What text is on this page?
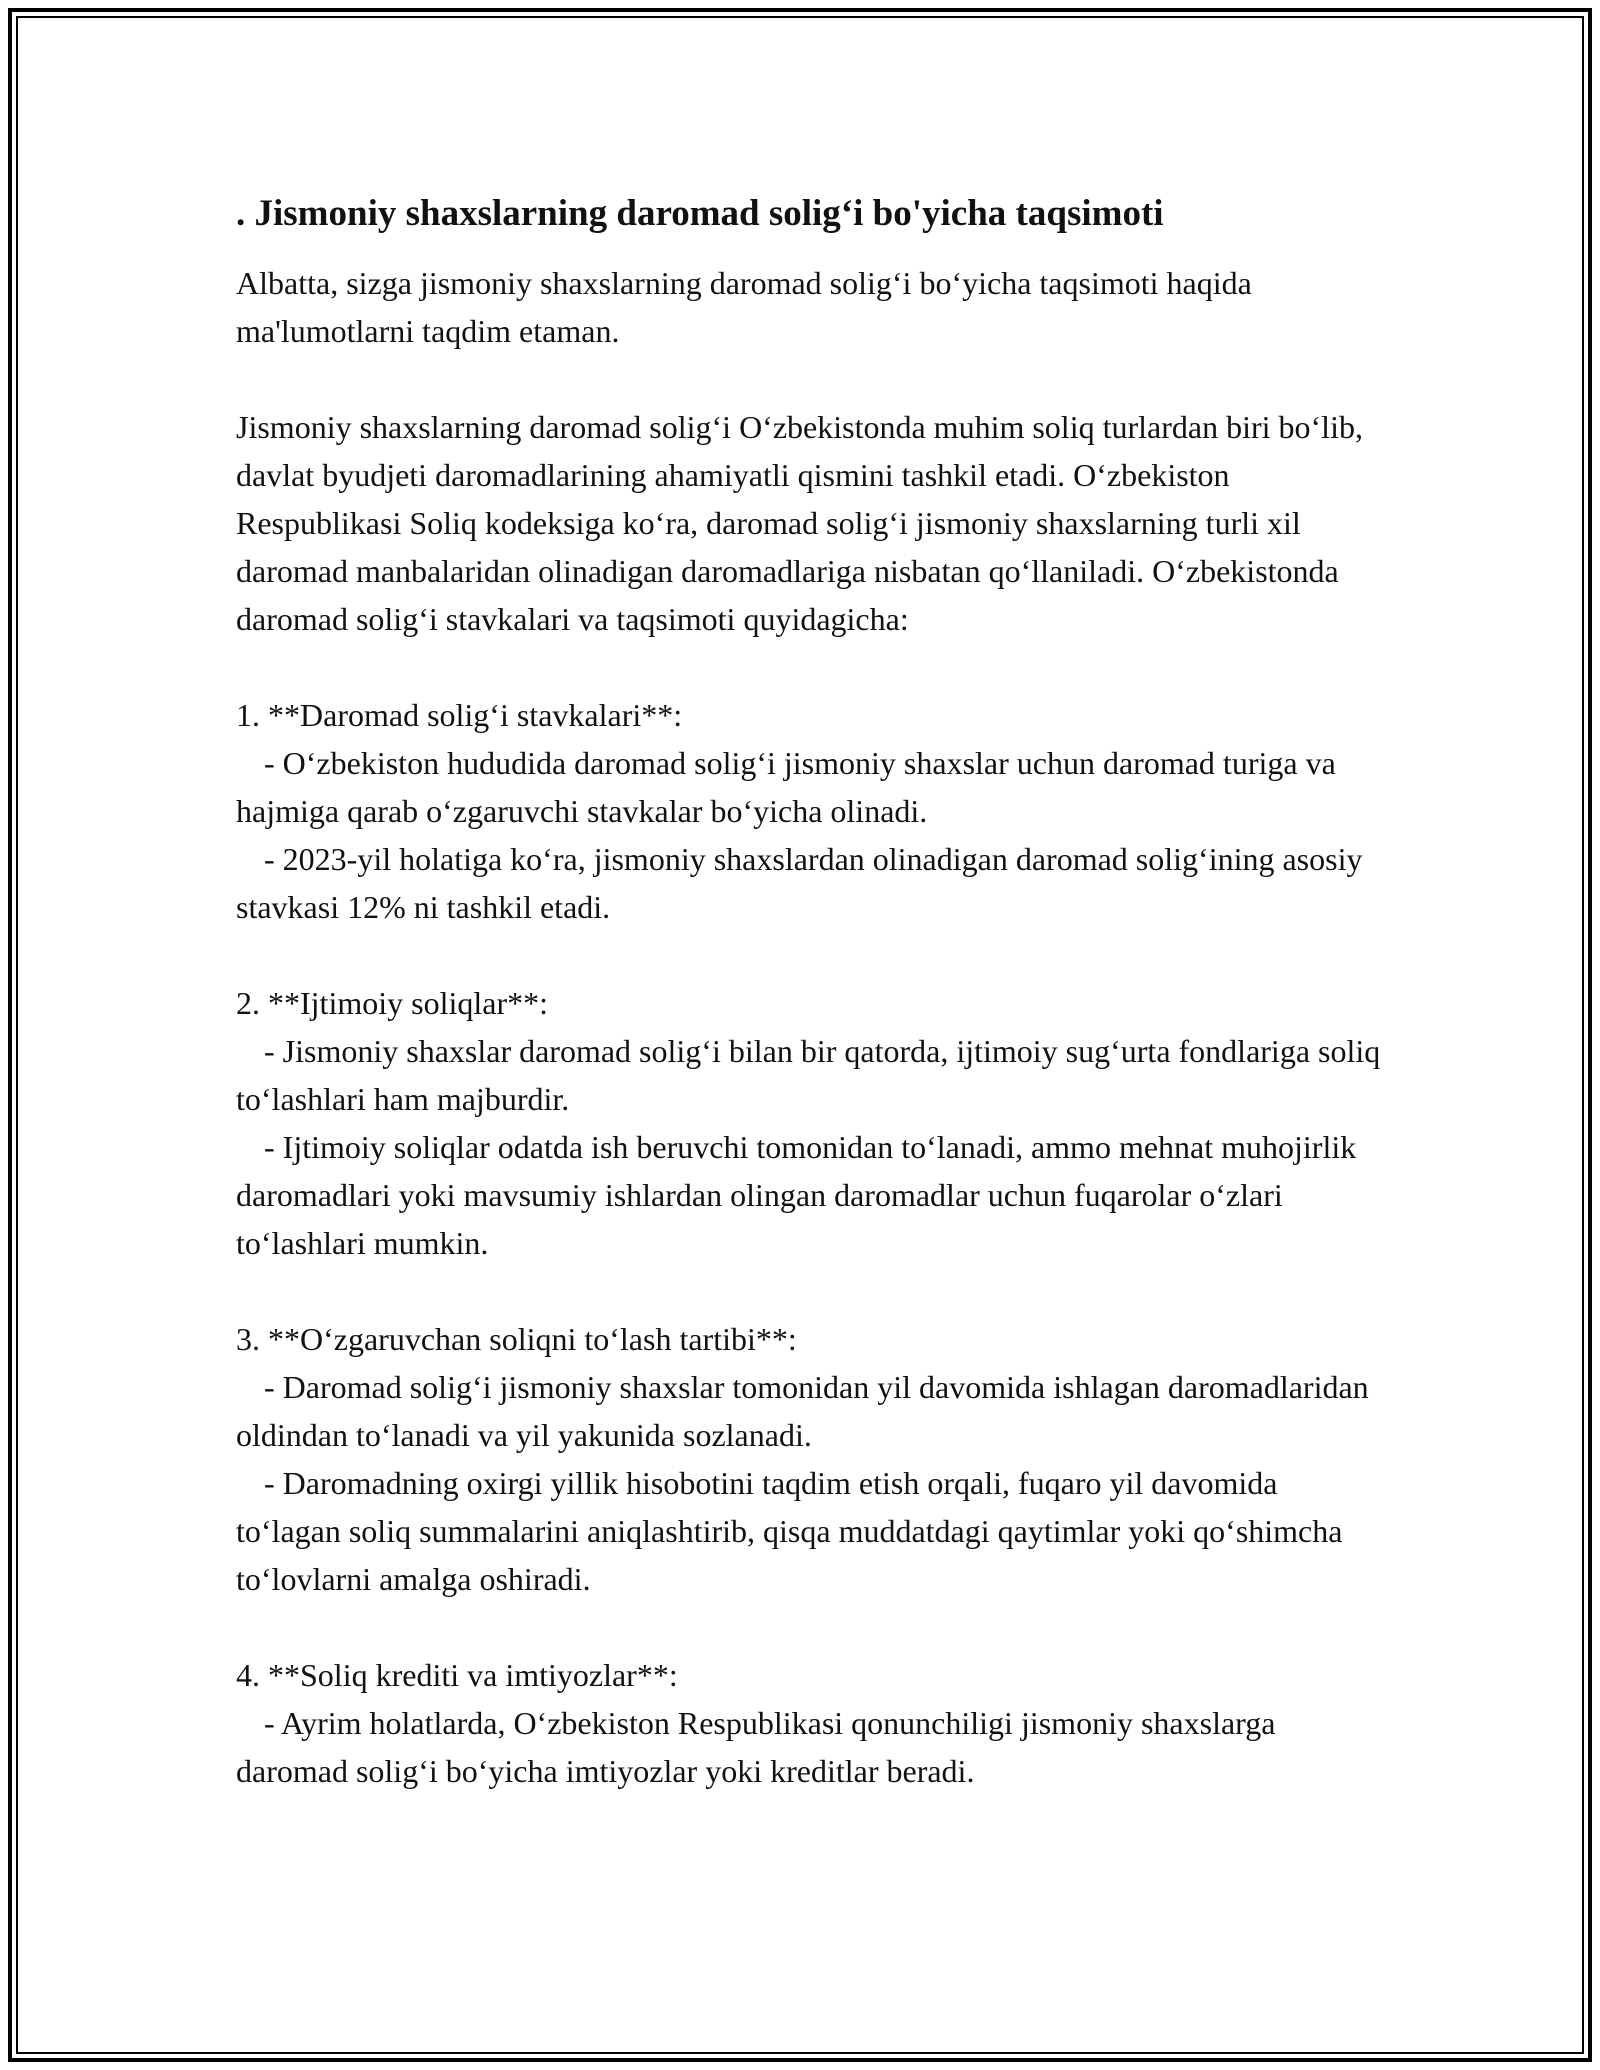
. Jismoniy shaxslarning daromad solig‘i bo'yicha taqsimoti

Albatta, sizga jismoniy shaxslarning daromad solig‘i bo‘yicha taqsimoti haqida ma'lumotlarni taqdim etaman.

Jismoniy shaxslarning daromad solig‘i O‘zbekistonda muhim soliq turlardan biri bo‘lib, davlat byudjeti daromadlarining ahamiyatli qismini tashkil etadi. O‘zbekiston Respublikasi Soliq kodeksiga ko‘ra, daromad solig‘i jismoniy shaxslarning turli xil daromad manbalaridan olinadigan daromadlariga nisbatan qo‘llaniladi. O‘zbekistonda daromad solig‘i stavkalari va taqsimoti quyidagicha:

1. **Daromad solig‘i stavkalari**:

- O‘zbekiston hududida daromad solig‘i jismoniy shaxslar uchun daromad turiga va hajmiga qarab o‘zgaruvchi stavkalar bo‘yicha olinadi.

- 2023-yil holatiga ko‘ra, jismoniy shaxslardan olinadigan daromad solig‘ining asosiy stavkasi 12% ni tashkil etadi.

2. **Ijtimoiy soliqlar**:

- Jismoniy shaxslar daromad solig‘i bilan bir qatorda, ijtimoiy sug‘urta fondlariga soliq to‘lashlari ham majburdir.

- Ijtimoiy soliqlar odatda ish beruvchi tomonidan to‘lanadi, ammo mehnat muhojirlik daromadlari yoki mavsumiy ishlardan olingan daromadlar uchun fuqarolar o‘zlari to‘lashlari mumkin.

3. **O‘zgaruvchan soliqni to‘lash tartibi**:

- Daromad solig‘i jismoniy shaxslar tomonidan yil davomida ishlagan daromadlaridan oldindan to‘lanadi va yil yakunida sozlanadi.

- Daromadning oxirgi yillik hisobotini taqdim etish orqali, fuqaro yil davomida to‘lagan soliq summalarini aniqlashtirib, qisqa muddatdagi qaytimlar yoki qo‘shimcha to‘lovlarni amalga oshiradi.

4. **Soliq krediti va imtiyozlar**:

- Ayrim holatlarda, O‘zbekiston Respublikasi qonunchiligi jismoniy shaxslarga daromad solig‘i bo‘yicha imtiyozlar yoki kreditlar beradi.
